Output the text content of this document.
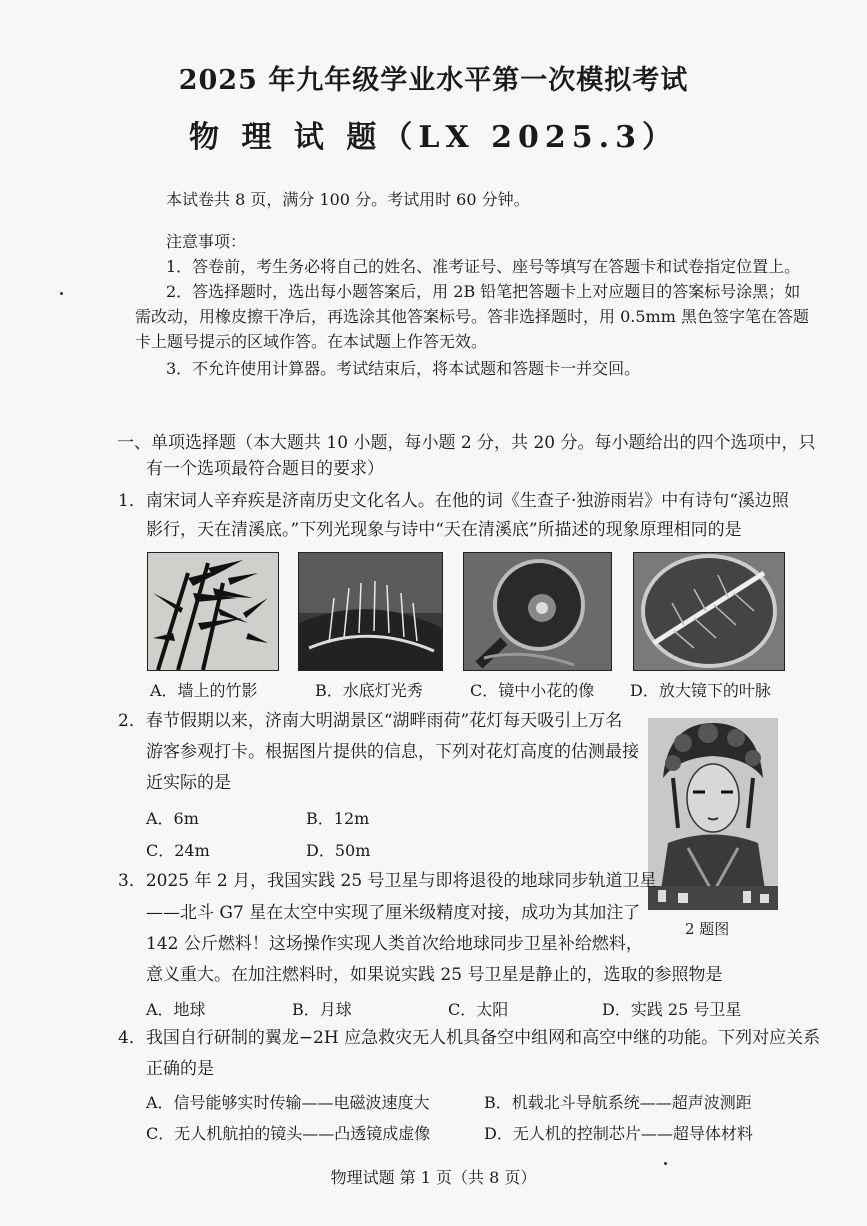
2025 年九年级学业水平第一次模拟考试
物 理 试 题（LX 2025.3）
本试卷共 8 页，满分 100 分。考试用时 60 分钟。
注意事项：
1．答卷前，考生务必将自己的姓名、准考证号、座号等填写在答题卡和试卷指定位置上。
2．答选择题时，选出每小题答案后，用 2B 铅笔把答题卡上对应题目的答案标号涂黑；如
需改动，用橡皮擦干净后，再选涂其他答案标号。答非选择题时，用 0.5mm 黑色签字笔在答题
卡上题号提示的区域作答。在本试题上作答无效。
3．不允许使用计算器。考试结束后，将本试题和答题卡一并交回。
一、单项选择题（本大题共 10 小题，每小题 2 分，共 20 分。每小题给出的四个选项中，只
有一个选项最符合题目的要求）
1．南宋词人辛弃疾是济南历史文化名人。在他的词《生查子·独游雨岩》中有诗句“溪边照
影行，天在清溪底。”下列光现象与诗中“天在清溪底”所描述的现象原理相同的是
A．墙上的竹影	B．水底灯光秀	C．镜中小花的像 D．放大镜下的叶脉
2．春节假期以来，济南大明湖景区“湖畔雨荷”花灯每天吸引上万名
游客参观打卡。根据图片提供的信息，下列对花灯高度的估测最接
近实际的是
A．6m	B．12m
C．24m	D．50m
2 题图
3．2025 年 2 月，我国实践 25 号卫星与即将退役的地球同步轨道卫星
——北斗 G7 星在太空中实现了厘米级精度对接，成功为其加注了
142 公斤燃料！这场操作实现人类首次给地球同步卫星补给燃料，
意义重大。在加注燃料时，如果说实践 25 号卫星是静止的，选取的参照物是
A．地球	B．月球	C．太阳	D．实践 25 号卫星
4．我国自行研制的翼龙−2H 应急救灾无人机具备空中组网和高空中继的功能。下列对应关系
正确的是
A．信号能够实时传输——电磁波速度大	B．机载北斗导航系统——超声波测距
C．无人机航拍的镜头——凸透镜成虚像	D．无人机的控制芯片——超导体材料
物理试题 第 1 页（共 8 页）
